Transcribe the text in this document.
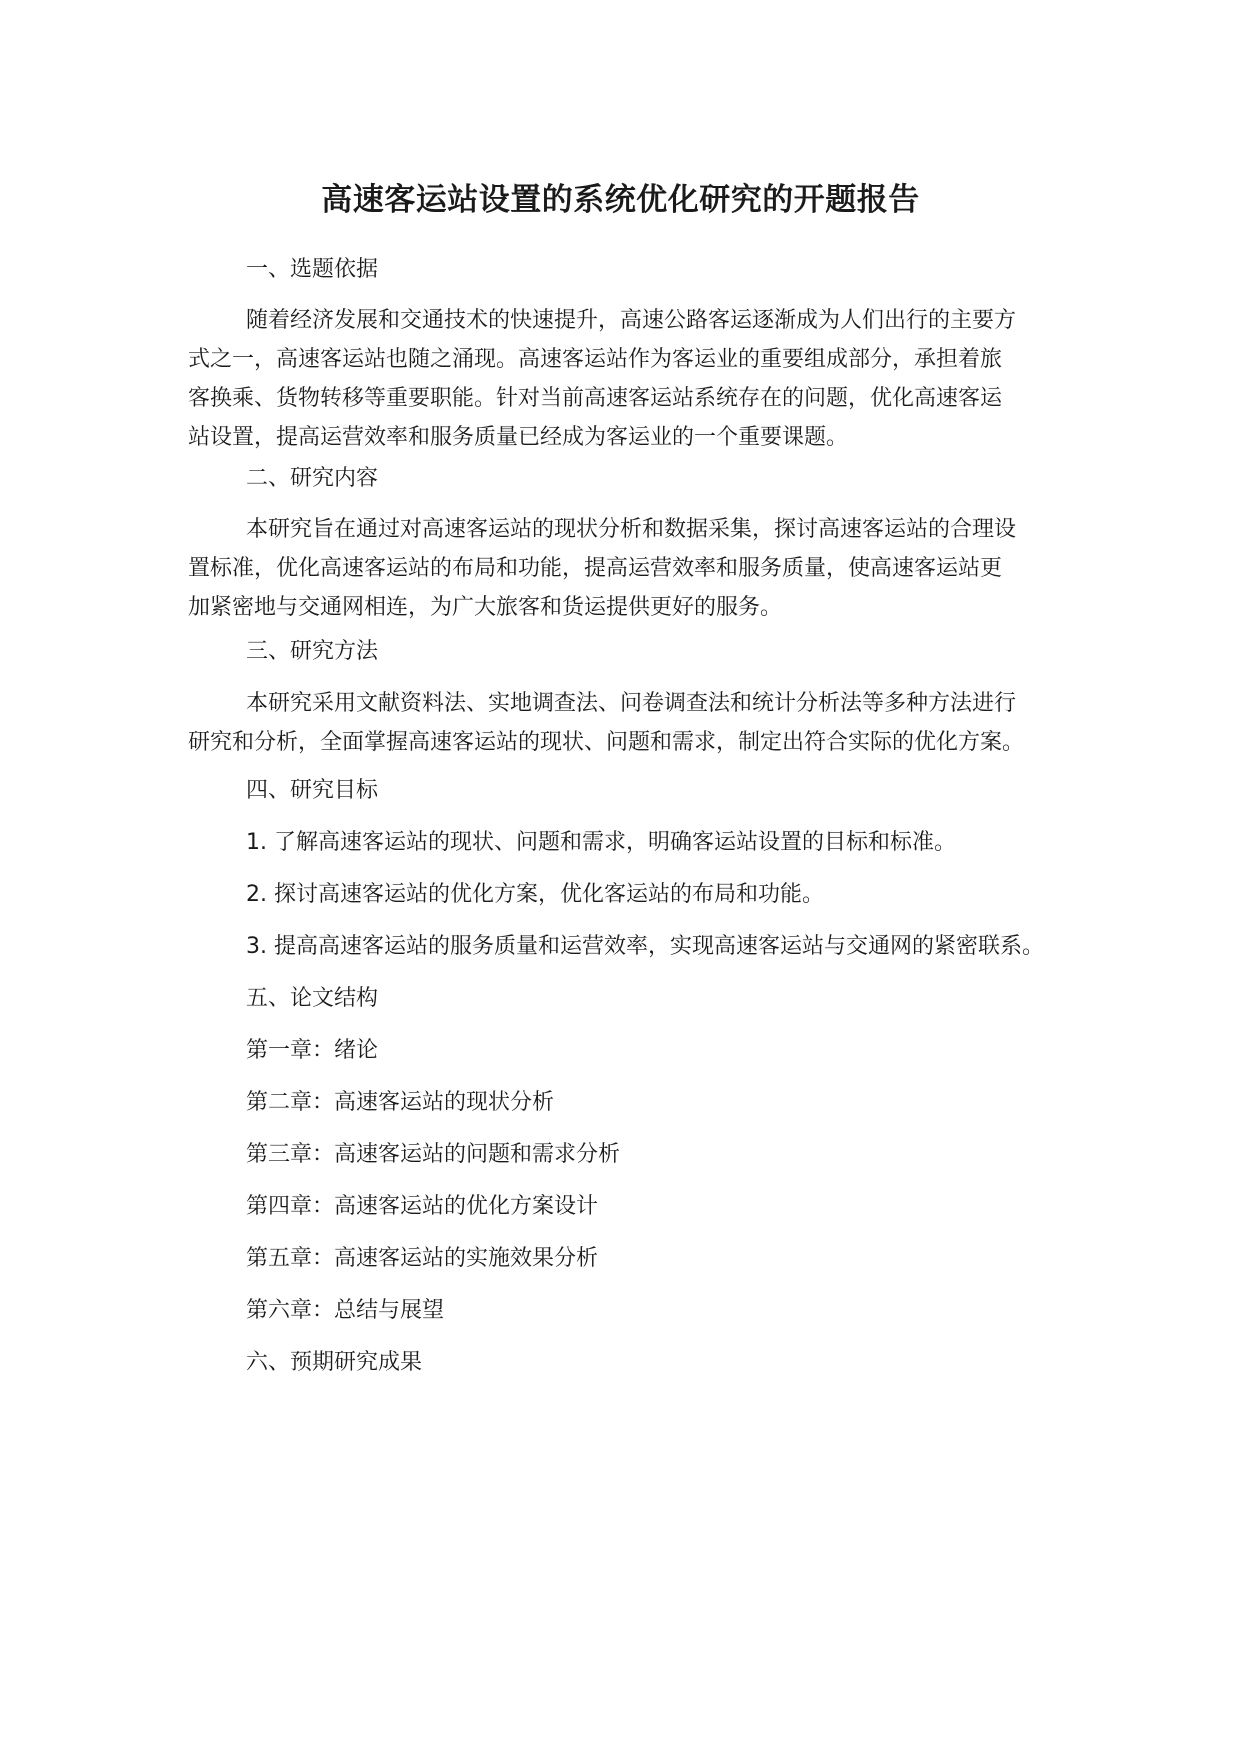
高速客运站设置的系统优化研究的开题报告
一、选题依据
随着经济发展和交通技术的快速提升，高速公路客运逐渐成为人们出行的主要方
式之一，高速客运站也随之涌现。高速客运站作为客运业的重要组成部分，承担着旅
客换乘、货物转移等重要职能。针对当前高速客运站系统存在的问题，优化高速客运
站设置，提高运营效率和服务质量已经成为客运业的一个重要课题。
二、研究内容
本研究旨在通过对高速客运站的现状分析和数据采集，探讨高速客运站的合理设
置标准，优化高速客运站的布局和功能，提高运营效率和服务质量，使高速客运站更
加紧密地与交通网相连，为广大旅客和货运提供更好的服务。
三、研究方法
本研究采用文献资料法、实地调查法、问卷调查法和统计分析法等多种方法进行
研究和分析，全面掌握高速客运站的现状、问题和需求，制定出符合实际的优化方案。
四、研究目标
1. 了解高速客运站的现状、问题和需求，明确客运站设置的目标和标准。
2. 探讨高速客运站的优化方案，优化客运站的布局和功能。
3. 提高高速客运站的服务质量和运营效率，实现高速客运站与交通网的紧密联系。
五、论文结构
第一章：绪论
第二章：高速客运站的现状分析
第三章：高速客运站的问题和需求分析
第四章：高速客运站的优化方案设计
第五章：高速客运站的实施效果分析
第六章：总结与展望
六、预期研究成果
